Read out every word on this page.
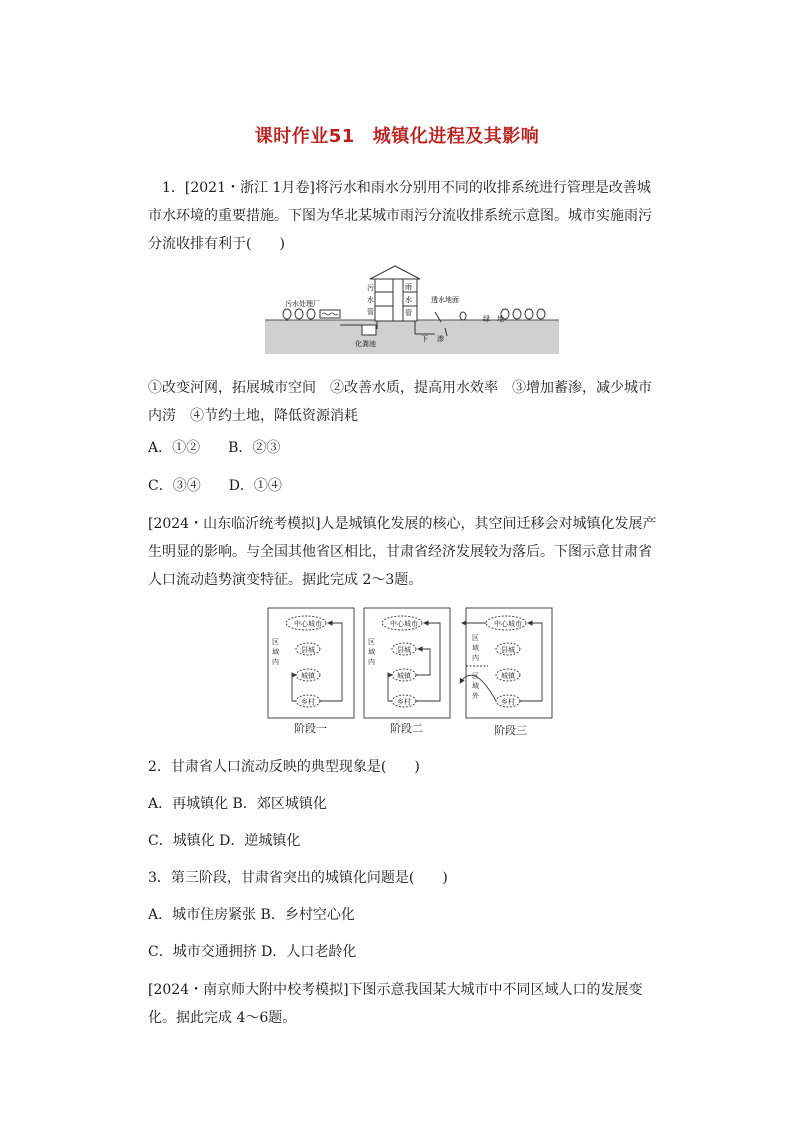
课时作业51 城镇化进程及其影响

1．[2021・浙江 1月卷]将污水和雨水分别用不同的收排系统进行管理是改善城市水环境的重要措施。下图为华北某城市雨污分流收排系统示意图。城市实施雨污分流收排有利于(　　)

污水处理厂
污
水
管
雨
水
管
化粪池
透水地面
绿 地
下 渗

①改变河网，拓展城市空间　②改善水质，提高用水效率　③增加蓄渗，减少城市内涝　④节约土地，降低资源消耗

A．①②　　B．②③

C．③④　　D．①④

[2024・山东临沂统考模拟]人是城镇化发展的核心，其空间迁移会对城镇化发展产生明显的影响。与全国其他省区相比，甘肃省经济发展较为落后。下图示意甘肃省人口流动趋势演变特征。据此完成 2～3题。

中心城市
县城
城镇
乡村
区
域
内
中心城市
县城
城镇
乡村
区
域
内
中心城市
县城
城镇
乡村
区
域
内
区
域
外
阶段一	阶段二	阶段三

2．甘肃省人口流动反映的典型现象是(　　)

A．再城镇化 B．郊区城镇化

C．城镇化 D．逆城镇化

3．第三阶段，甘肃省突出的城镇化问题是(　　)

A．城市住房紧张 B．乡村空心化

C．城市交通拥挤 D．人口老龄化

[2024・南京师大附中校考模拟]下图示意我国某大城市中不同区域人口的发展变化。据此完成 4～6题。
